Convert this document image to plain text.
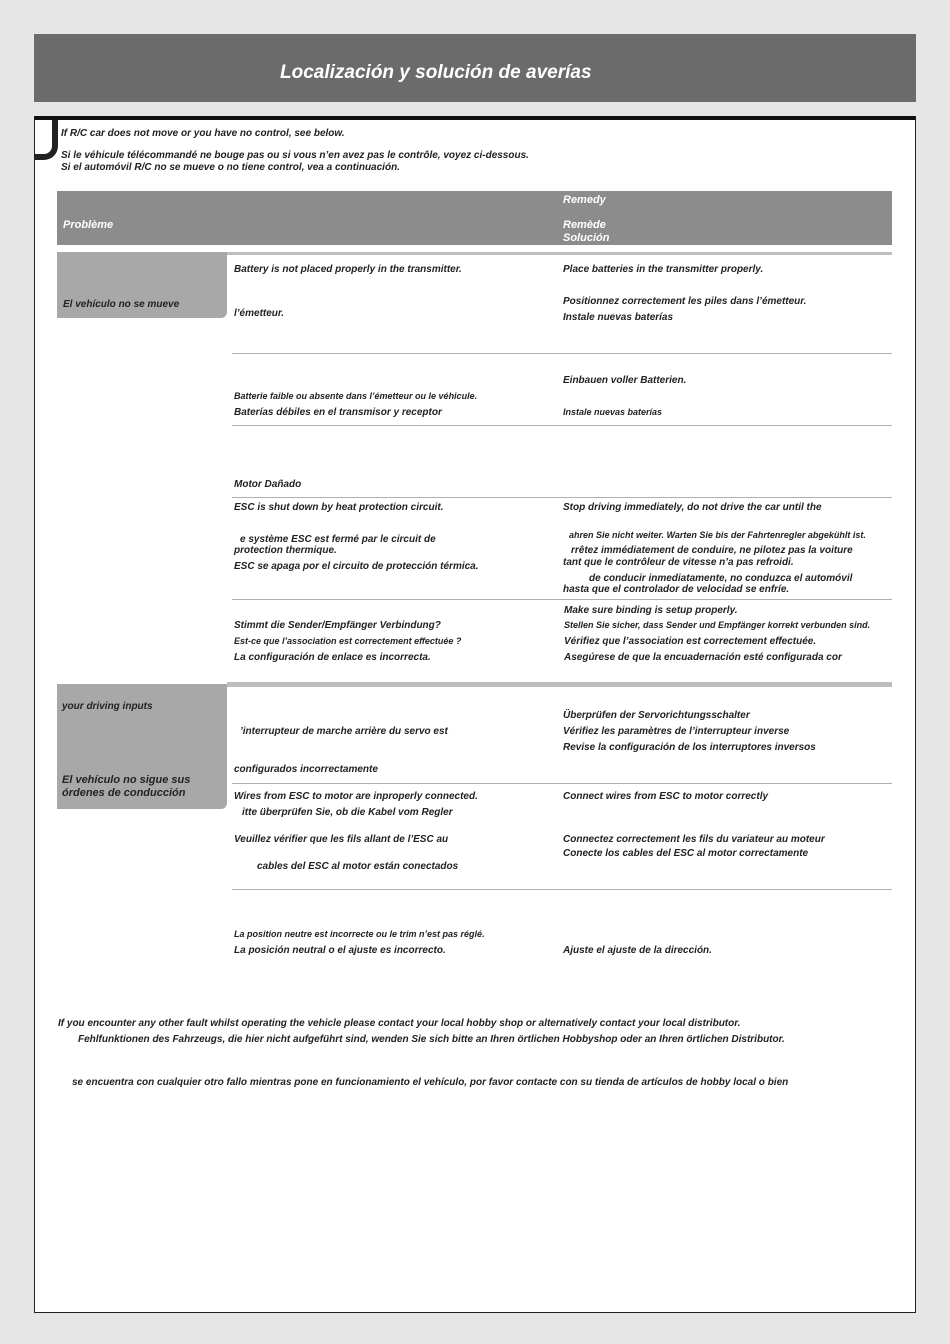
Localización y solución de averías
If R/C car does not move or you have no control, see below.
Si le véhicule télécommandé ne bouge pas ou si vous n’en avez pas le contrôle, voyez ci-dessous.
Si el automóvil R/C no se mueve o no tiene control, vea a continuación.
Remedy
Problème	Remède
Solución
El vehículo no se mueve
Battery is not placed properly in the transmitter.
l’émetteur.
Place batteries in the transmitter properly.
Positionnez correctement les piles dans l’émetteur.
Instale nuevas baterías
Batterie faible ou absente dans l’émetteur ou le véhicule.
Baterías débiles en el transmisor y receptor
Einbauen voller Batterien.
Instale nuevas baterías
Motor Dañado
ESC is shut down by heat protection circuit.
e système ESC est fermé par le circuit de
protection thermique.
ESC se apaga por el circuito de protección térmica.
Stop driving immediately, do not drive the car until the
ahren Sie nicht weiter. Warten Sie bis der Fahrtenregler abgekühlt ist.
rrêtez immédiatement de conduire, ne pilotez pas la voiture
tant que le contrôleur de vitesse n’a pas refroidi.
de conducir inmediatamente, no conduzca el automóvil
hasta que el controlador de velocidad se enfríe.
Stimmt die Sender/Empfänger Verbindung?
Est-ce que l’association est correctement effectuée ?
La configuración de enlace es incorrecta.
Make sure binding is setup properly.
Stellen Sie sicher, dass Sender und Empfänger korrekt verbunden sind.
Vérifiez que l’association est correctement effectuée.
Asegúrese de que la encuadernación esté configurada cor
your driving inputs
El vehículo no sigue sus
órdenes de conducción
’interrupteur de marche arrière du servo est
configurados incorrectamente
Überprüfen der Servorichtungsschalter
Vérifiez les paramètres de l’interrupteur inverse
Revise la configuración de los interruptores inversos
Wires from ESC to motor are inproperly connected.
itte überprüfen Sie, ob die Kabel vom Regler
Veuillez vérifier que les fils allant de l’ESC au
cables del ESC al motor están conectados
Connect wires from ESC to motor correctly
Connectez correctement les fils du variateur au moteur
Conecte los cables del ESC al motor correctamente
La position neutre est incorrecte ou le trim n’est pas réglé.
La posición neutral o el ajuste es incorrecto.	Ajuste el ajuste de la dirección.
If you encounter any other fault whilst operating the vehicle please contact your local hobby shop or alternatively contact your local distributor.
Fehlfunktionen des Fahrzeugs, die hier nicht aufgeführt sind, wenden Sie sich bitte an Ihren örtlichen Hobbyshop oder an Ihren örtlichen Distributor.
se encuentra con cualquier otro fallo mientras pone en funcionamiento el vehículo, por favor contacte con su tienda de artículos de hobby local o bien
